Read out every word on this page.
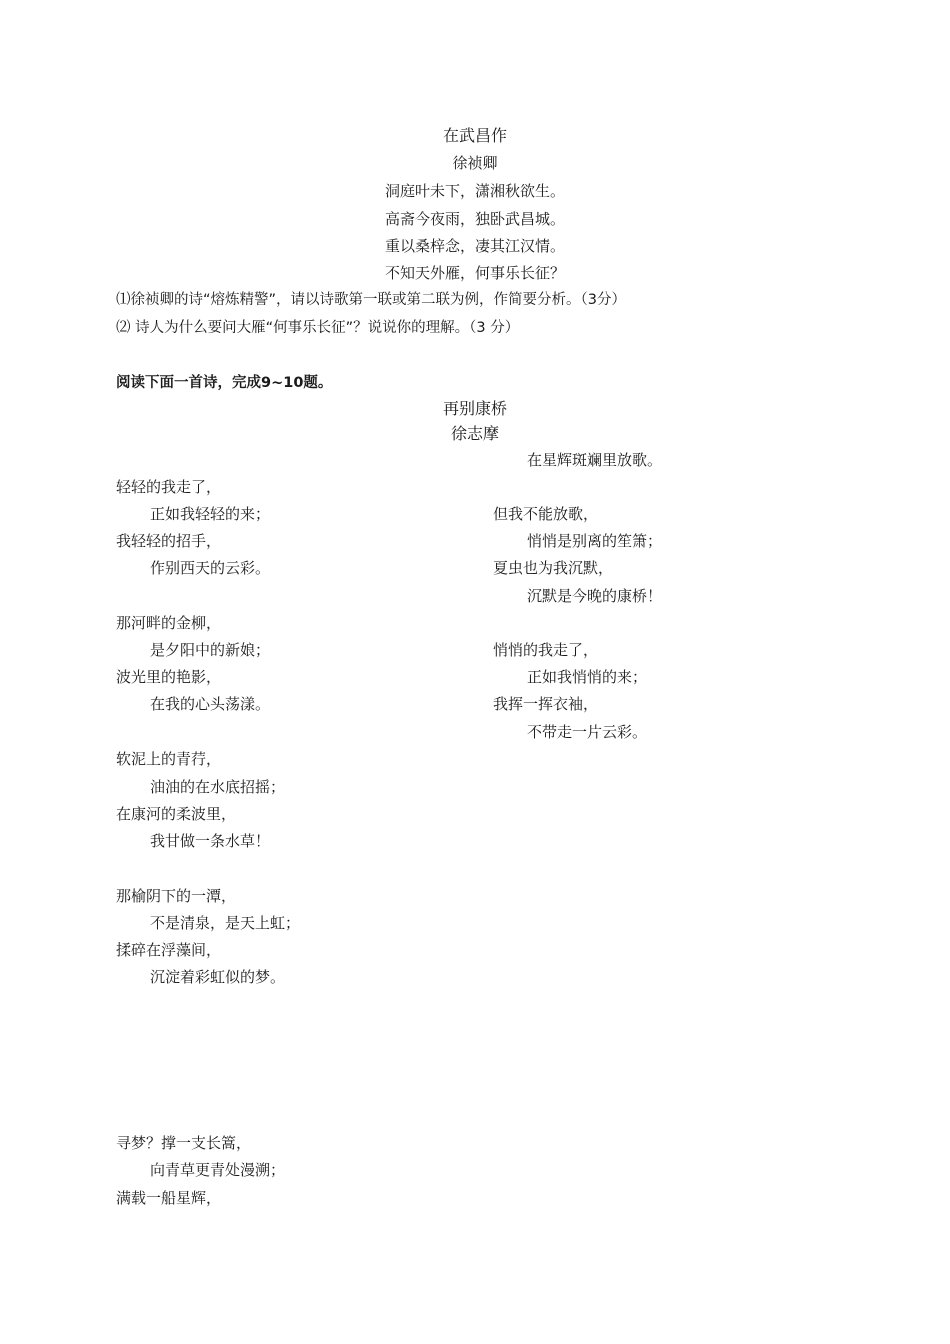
在武昌作
徐祯卿
洞庭叶未下，潇湘秋欲生。
高斋今夜雨，独卧武昌城。
重以桑梓念，凄其江汉情。
不知天外雁，何事乐长征？
⑴徐祯卿的诗“熔炼精警”，请以诗歌第一联或第二联为例，作简要分析。（3分）
⑵ 诗人为什么要问大雁“何事乐长征”？说说你的理解。（3 分）
阅读下面一首诗，完成9~10题。
再别康桥
徐志摩
在星辉斑斓里放歌。
轻轻的我走了，
正如我轻轻的来；
我轻轻的招手，
作别西天的云彩。
那河畔的金柳，
是夕阳中的新娘；
波光里的艳影，
在我的心头荡漾。
软泥上的青荇，
油油的在水底招摇；
在康河的柔波里，
我甘做一条水草！
那榆阴下的一潭，
不是清泉，是天上虹；
揉碎在浮藻间，
沉淀着彩虹似的梦。
但我不能放歌，
悄悄是别离的笙箫；
夏虫也为我沉默，
沉默是今晚的康桥！
悄悄的我走了，
正如我悄悄的来；
我挥一挥衣袖，
不带走一片云彩。
寻梦？撑一支长篙，
向青草更青处漫溯；
满载一船星辉，
